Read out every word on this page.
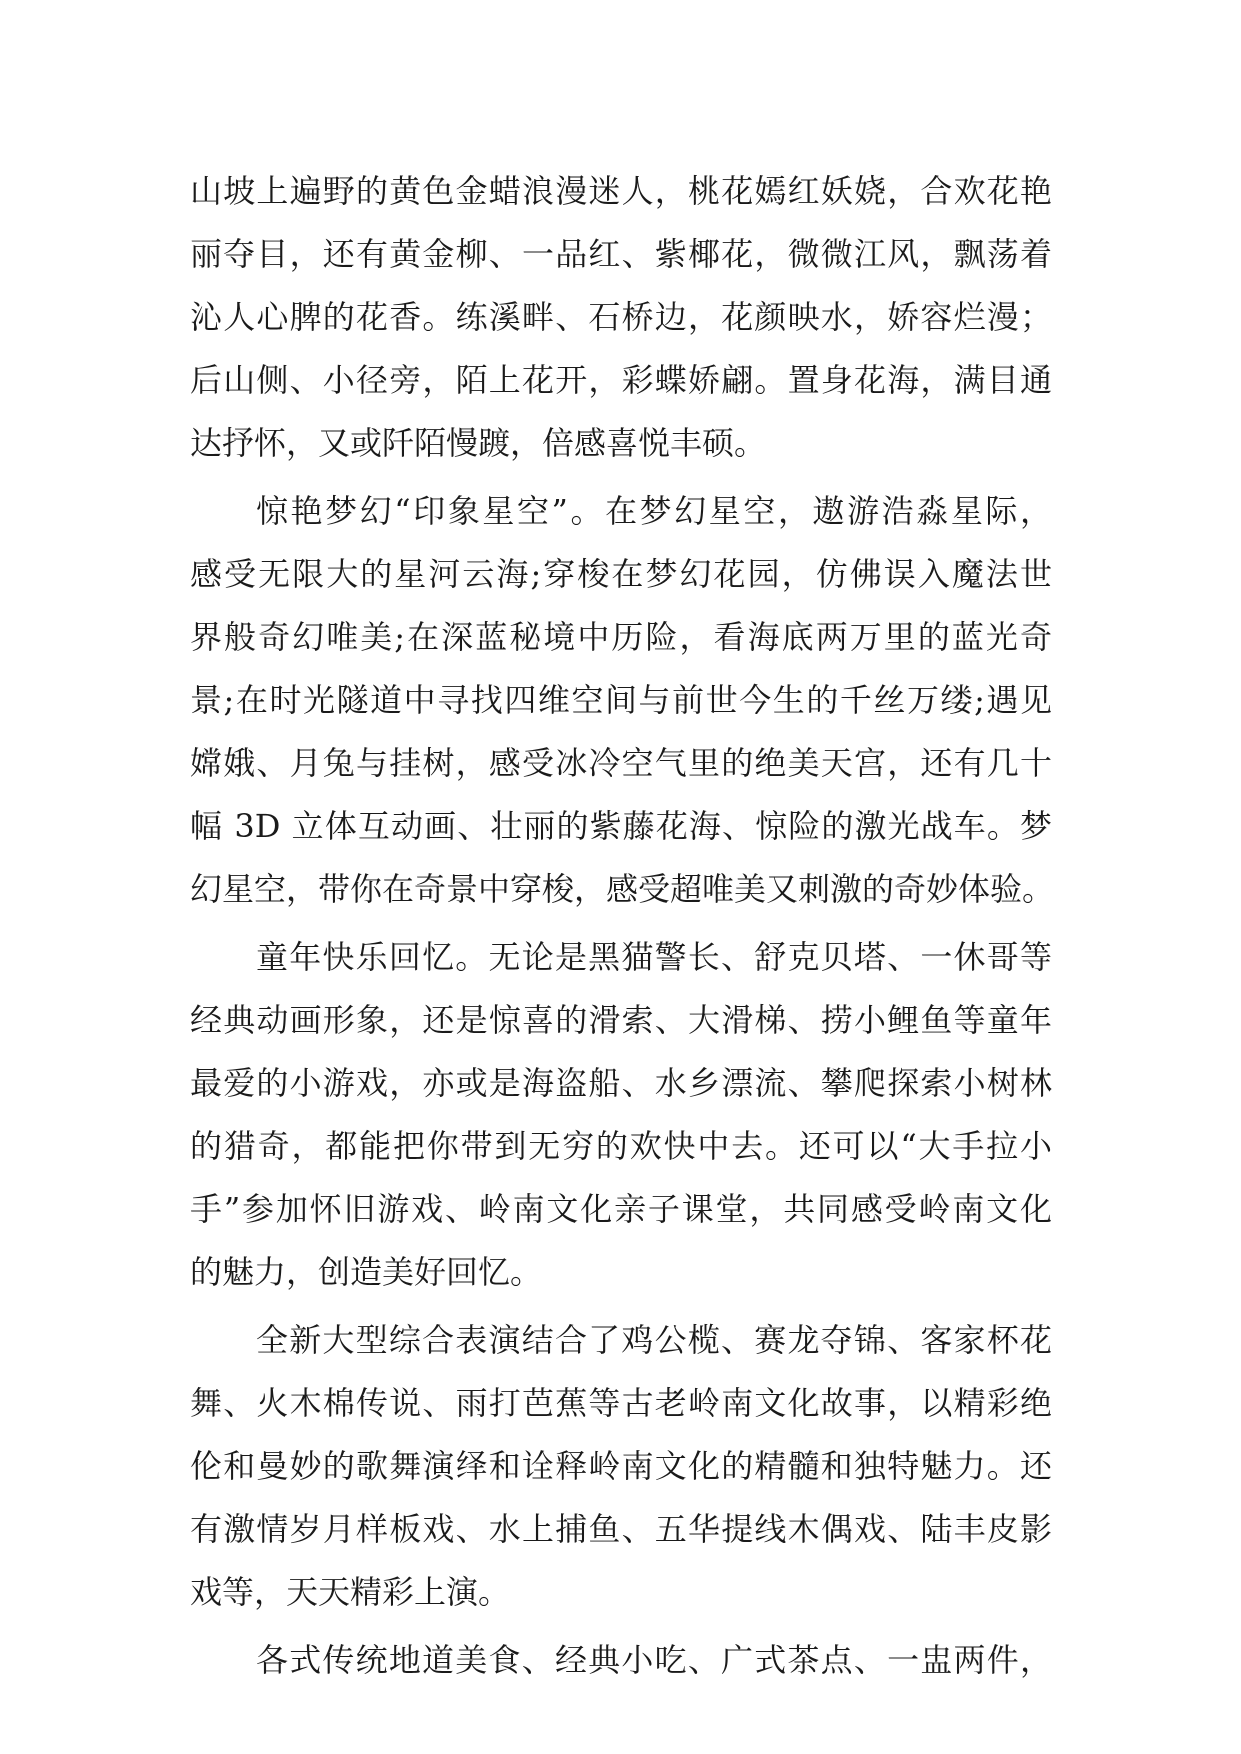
山坡上遍野的黄色金蜡浪漫迷人，桃花嫣红妖娆，合欢花艳
丽夺目，还有黄金柳、一品红、紫椰花，微微江风，飘荡着
沁人心脾的花香。练溪畔、石桥边，花颜映水，娇容烂漫；
后山侧、小径旁，陌上花开，彩蝶娇翩。置身花海，满目通
达抒怀，又或阡陌慢踱，倍感喜悦丰硕。
惊艳梦幻“印象星空”。在梦幻星空，遨游浩淼星际，
感受无限大的星河云海;穿梭在梦幻花园，仿佛误入魔法世
界般奇幻唯美;在深蓝秘境中历险，看海底两万里的蓝光奇
景;在时光隧道中寻找四维空间与前世今生的千丝万缕;遇见
嫦娥、月兔与挂树，感受冰冷空气里的绝美天宫，还有几十
幅 3D 立体互动画、壮丽的紫藤花海、惊险的激光战车。梦
幻星空，带你在奇景中穿梭，感受超唯美又刺激的奇妙体验。
童年快乐回忆。无论是黑猫警长、舒克贝塔、一休哥等
经典动画形象，还是惊喜的滑索、大滑梯、捞小鲤鱼等童年
最爱的小游戏，亦或是海盗船、水乡漂流、攀爬探索小树林
的猎奇，都能把你带到无穷的欢快中去。还可以“大手拉小
手”参加怀旧游戏、岭南文化亲子课堂，共同感受岭南文化
的魅力，创造美好回忆。
全新大型综合表演结合了鸡公榄、赛龙夺锦、客家杯花
舞、火木棉传说、雨打芭蕉等古老岭南文化故事，以精彩绝
伦和曼妙的歌舞演绎和诠释岭南文化的精髓和独特魅力。还
有激情岁月样板戏、水上捕鱼、五华提线木偶戏、陆丰皮影
戏等，天天精彩上演。
各式传统地道美食、经典小吃、广式茶点、一盅两件，
